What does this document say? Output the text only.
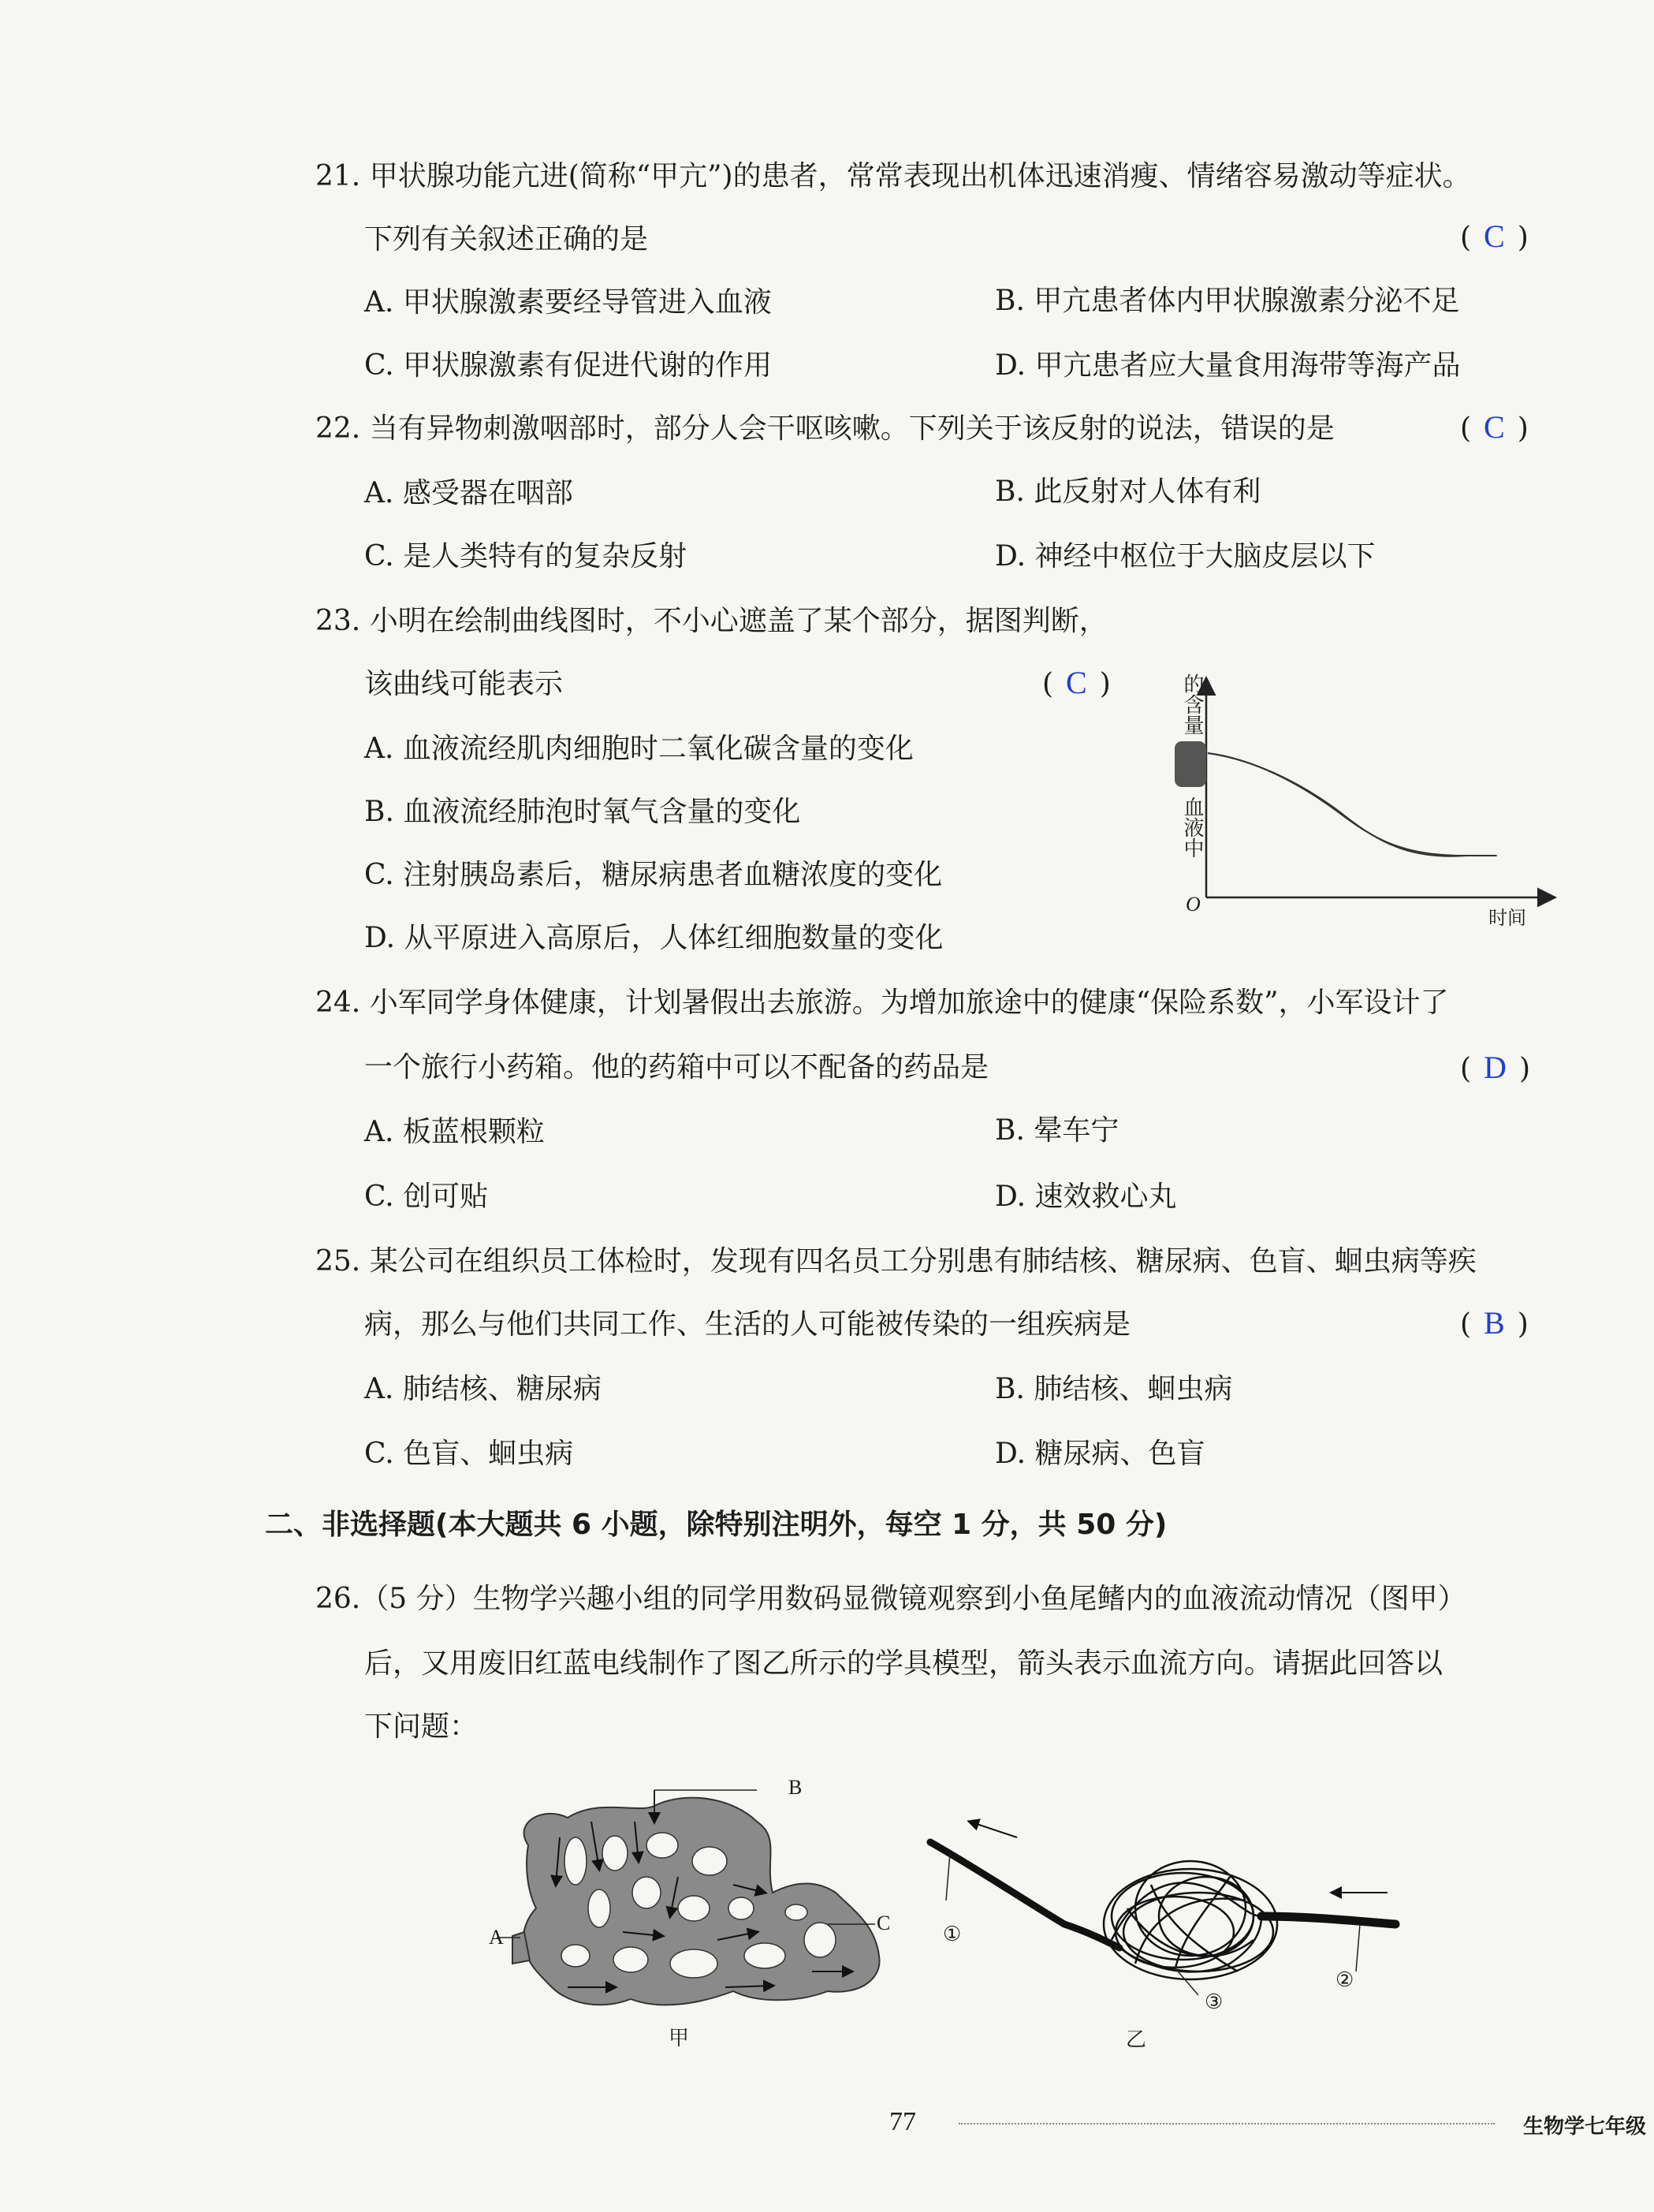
21. 甲状腺功能亢进(简称“甲亢”)的患者，常常表现出机体迅速消瘦、情绪容易激动等症状。
下列有关叙述正确的是	( C )
A. 甲状腺激素要经导管进入血液	B. 甲亢患者体内甲状腺激素分泌不足
C. 甲状腺激素有促进代谢的作用	D. 甲亢患者应大量食用海带等海产品
22. 当有异物刺激咽部时，部分人会干呕咳嗽。下列关于该反射的说法，错误的是	( C )
A. 感受器在咽部	B. 此反射对人体有利
C. 是人类特有的复杂反射	D. 神经中枢位于大脑皮层以下
23. 小明在绘制曲线图时，不小心遮盖了某个部分，据图判断，
该曲线可能表示	( C )
A. 血液流经肌肉细胞时二氧化碳含量的变化
B. 血液流经肺泡时氧气含量的变化
C. 注射胰岛素后，糖尿病患者血糖浓度的变化
D. 从平原进入高原后，人体红细胞数量的变化
的含量
血液中
O
时间
24. 小军同学身体健康，计划暑假出去旅游。为增加旅途中的健康“保险系数”，小军设计了
一个旅行小药箱。他的药箱中可以不配备的药品是	( D )
A. 板蓝根颗粒	B. 晕车宁
C. 创可贴	D. 速效救心丸
25. 某公司在组织员工体检时，发现有四名员工分别患有肺结核、糖尿病、色盲、蛔虫病等疾
病，那么与他们共同工作、生活的人可能被传染的一组疾病是	( B )
A. 肺结核、糖尿病	B. 肺结核、蛔虫病
C. 色盲、蛔虫病	D. 糖尿病、色盲
二、非选择题(本大题共 6 小题，除特别注明外，每空 1 分，共 50 分)
26.（5 分）生物学兴趣小组的同学用数码显微镜观察到小鱼尾鳍内的血液流动情况（图甲）
后，又用废旧红蓝电线制作了图乙所示的学具模型，箭头表示血流方向。请据此回答以
下问题：
B
C
A
甲
①
②
③
乙
77	生物学七年级
